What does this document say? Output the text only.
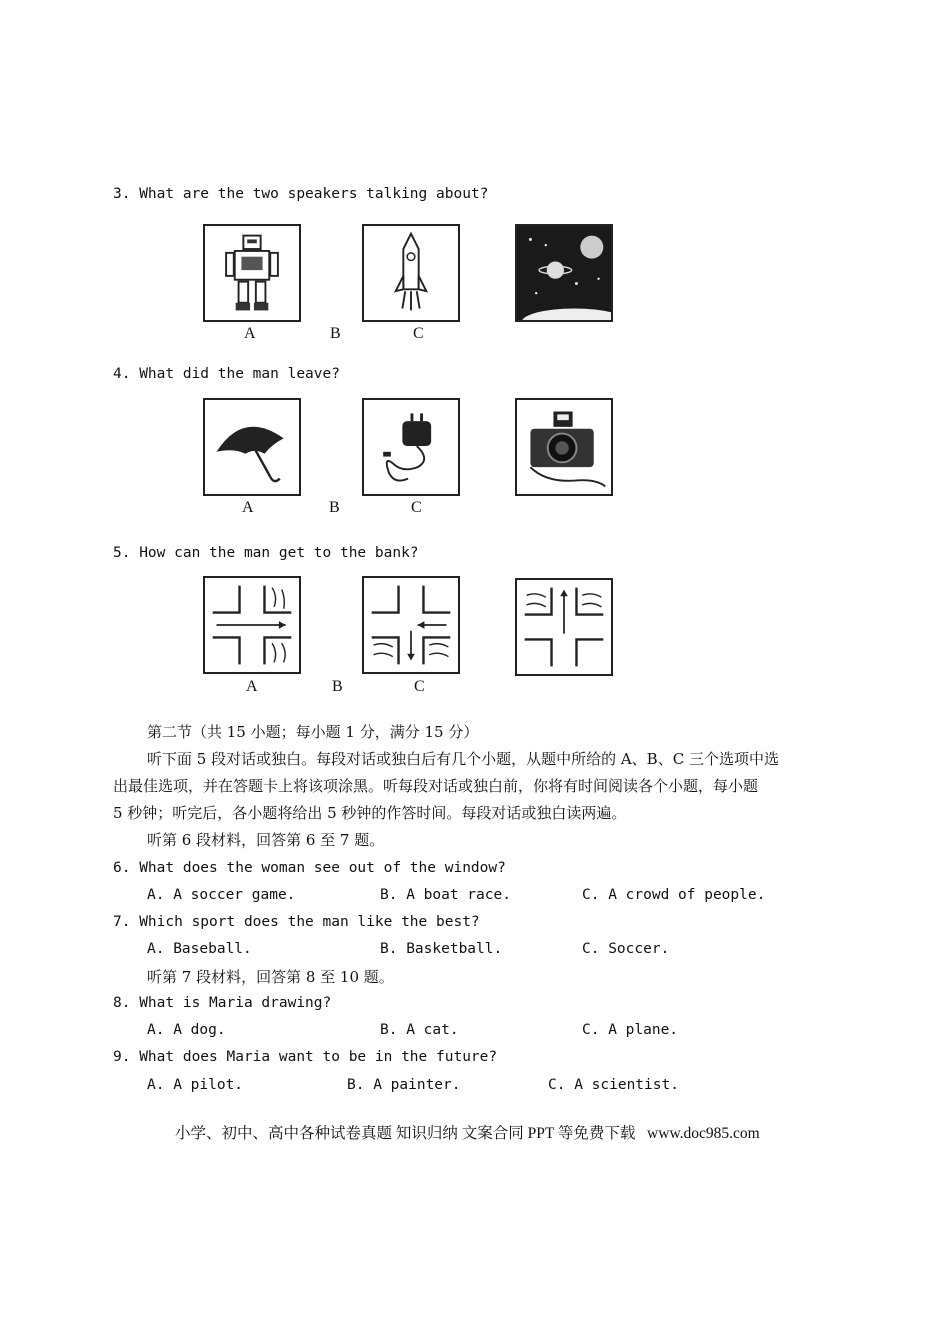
3. What are the two speakers talking about?
A	B	C
4. What did the man leave?
A	B	C
5. How can the man get to the bank?
A	B	C
第二节（共 15 小题；每小题 1 分，满分 15 分）
听下面 5 段对话或独白。每段对话或独白后有几个小题，从题中所给的 A、B、C 三个选项中选
出最佳选项，并在答题卡上将该项涂黑。听每段对话或独白前，你将有时间阅读各个小题，每小题
5 秒钟；听完后，各小题将给出 5 秒钟的作答时间。每段对话或独白读两遍。
听第 6 段材料，回答第 6 至 7 题。
6. What does the woman see out of the window?
A. A soccer game.	B. A boat race.	C. A crowd of people.
7. Which sport does the man like the best?
A. Baseball.	B. Basketball.	C. Soccer.
听第 7 段材料，回答第 8 至 10 题。
8. What is Maria drawing?
A. A dog.	B. A cat.	C. A plane.
9. What does Maria want to be in the future?
A. A pilot.	B. A painter.	C. A scientist.
小学、初中、高中各种试卷真题 知识归纳 文案合同 PPT 等免费下载   www.doc985.com
